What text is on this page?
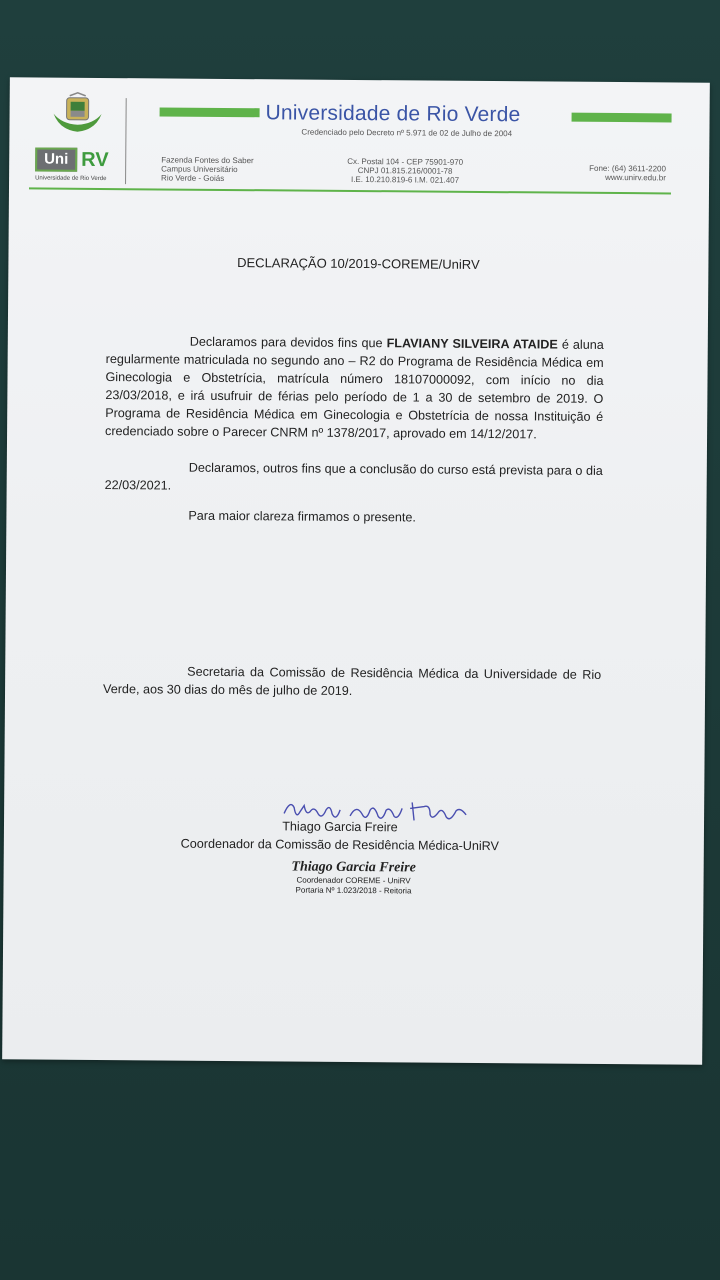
Uni RV
Universidade de Rio Verde
Universidade de Rio Verde
Credenciado pelo Decreto nº 5.971 de 02 de Julho de 2004
Fazenda Fontes do Saber
Campus Universitário
Rio Verde - Goiás
Cx. Postal 104 - CEP 75901-970
CNPJ 01.815.216/0001-78
I.E. 10.210.819-6 I.M. 021.407
Fone: (64) 3611-2200
www.unirv.edu.br
DECLARAÇÃO 10/2019-COREME/UniRV
Declaramos para devidos fins que FLAVIANY SILVEIRA ATAIDE é aluna regularmente matriculada no segundo ano – R2 do Programa de Residência Médica em Ginecologia e Obstetrícia, matrícula número 18107000092, com início no dia 23/03/2018, e irá usufruir de férias pelo período de 1 a 30 de setembro de 2019. O Programa de Residência Médica em Ginecologia e Obstetrícia de nossa Instituição é credenciado sobre o Parecer CNRM nº 1378/2017, aprovado em 14/12/2017.
Declaramos, outros fins que a conclusão do curso está prevista para o dia 22/03/2021.
Para maior clareza firmamos o presente.
Secretaria da Comissão de Residência Médica da Universidade de Rio Verde, aos 30 dias do mês de julho de 2019.
Thiago Garcia Freire
Coordenador da Comissão de Residência Médica-UniRV
Thiago Garcia Freire
Coordenador COREME - UniRV
Portaria Nº 1.023/2018 - Reitoria
